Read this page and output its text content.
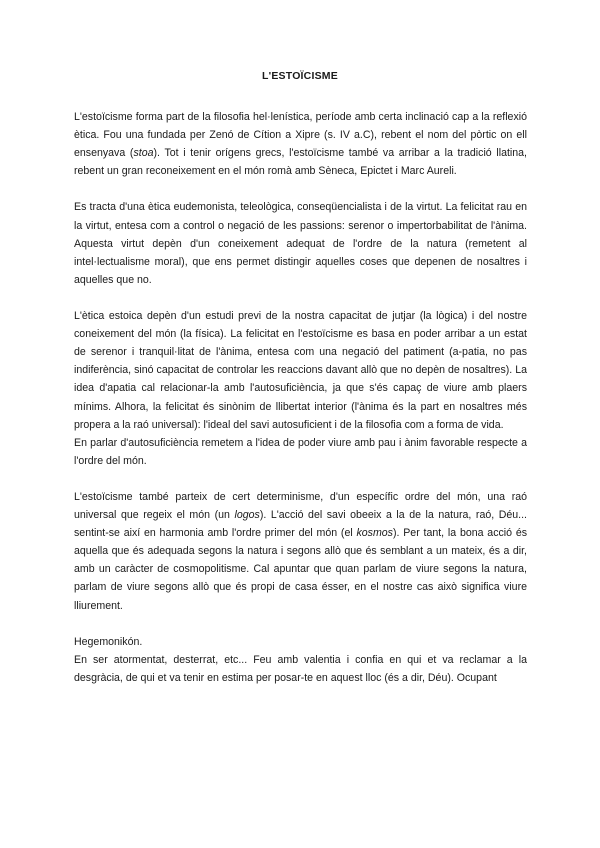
L'ESTOÏCISME

L'estoïcisme forma part de la filosofia hel·lenística, període amb certa inclinació cap a la reflexió ètica. Fou una fundada per Zenó de Cítion a Xipre (s. IV a.C), rebent el nom del pòrtic on ell ensenyava (stoa). Tot i tenir orígens grecs, l'estoïcisme també va arribar a la tradició llatina, rebent un gran reconeixement en el món romà amb Sèneca, Epictet i Marc Aureli.

Es tracta d'una ètica eudemonista, teleològica, conseqüencialista i de la virtut. La felicitat rau en la virtut, entesa com a control o negació de les passions: serenor o impertorbabilitat de l'ànima. Aquesta virtut depèn d'un coneixement adequat de l'ordre de la natura (remetent al intel·lectualisme moral), que ens permet distingir aquelles coses que depenen de nosaltres i aquelles que no.

L'ètica estoica depèn d'un estudi previ de la nostra capacitat de jutjar (la lògica) i del nostre coneixement del món (la física). La felicitat en l'estoïcisme es basa en poder arribar a un estat de serenor i tranquil·litat de l'ànima, entesa com una negació del patiment (a-patia, no pas indiferència, sinó capacitat de controlar les reaccions davant allò que no depèn de nosaltres). La idea d'apatia cal relacionar-la amb l'autosuficiència, ja que s'és capaç de viure amb plaers mínims. Alhora, la felicitat és sinònim de llibertat interior (l'ànima és la part en nosaltres més propera a la raó universal): l'ideal del savi autosuficient i de la filosofia com a forma de vida.

En parlar d'autosuficiència remetem a l'idea de poder viure amb pau i ànim favorable respecte a l'ordre del món.

L'estoïcisme també parteix de cert determinisme, d'un específic ordre del món, una raó universal que regeix el món (un logos). L'acció del savi obeeix a la de la natura, raó, Déu... sentint-se així en harmonia amb l'ordre primer del món (el kosmos). Per tant, la bona acció és aquella que és adequada segons la natura i segons allò que és semblant a un mateix, és a dir, amb un caràcter de cosmopolitisme. Cal apuntar que quan parlam de viure segons la natura, parlam de viure segons allò que és propi de casa ésser, en el nostre cas això significa viure lliurement.

Hegemonikón.

En ser atormentat, desterrat, etc... Feu amb valentia i confia en qui et va reclamar a la desgràcia, de qui et va tenir en estima per posar-te en aquest lloc (és a dir, Déu). Ocupant
